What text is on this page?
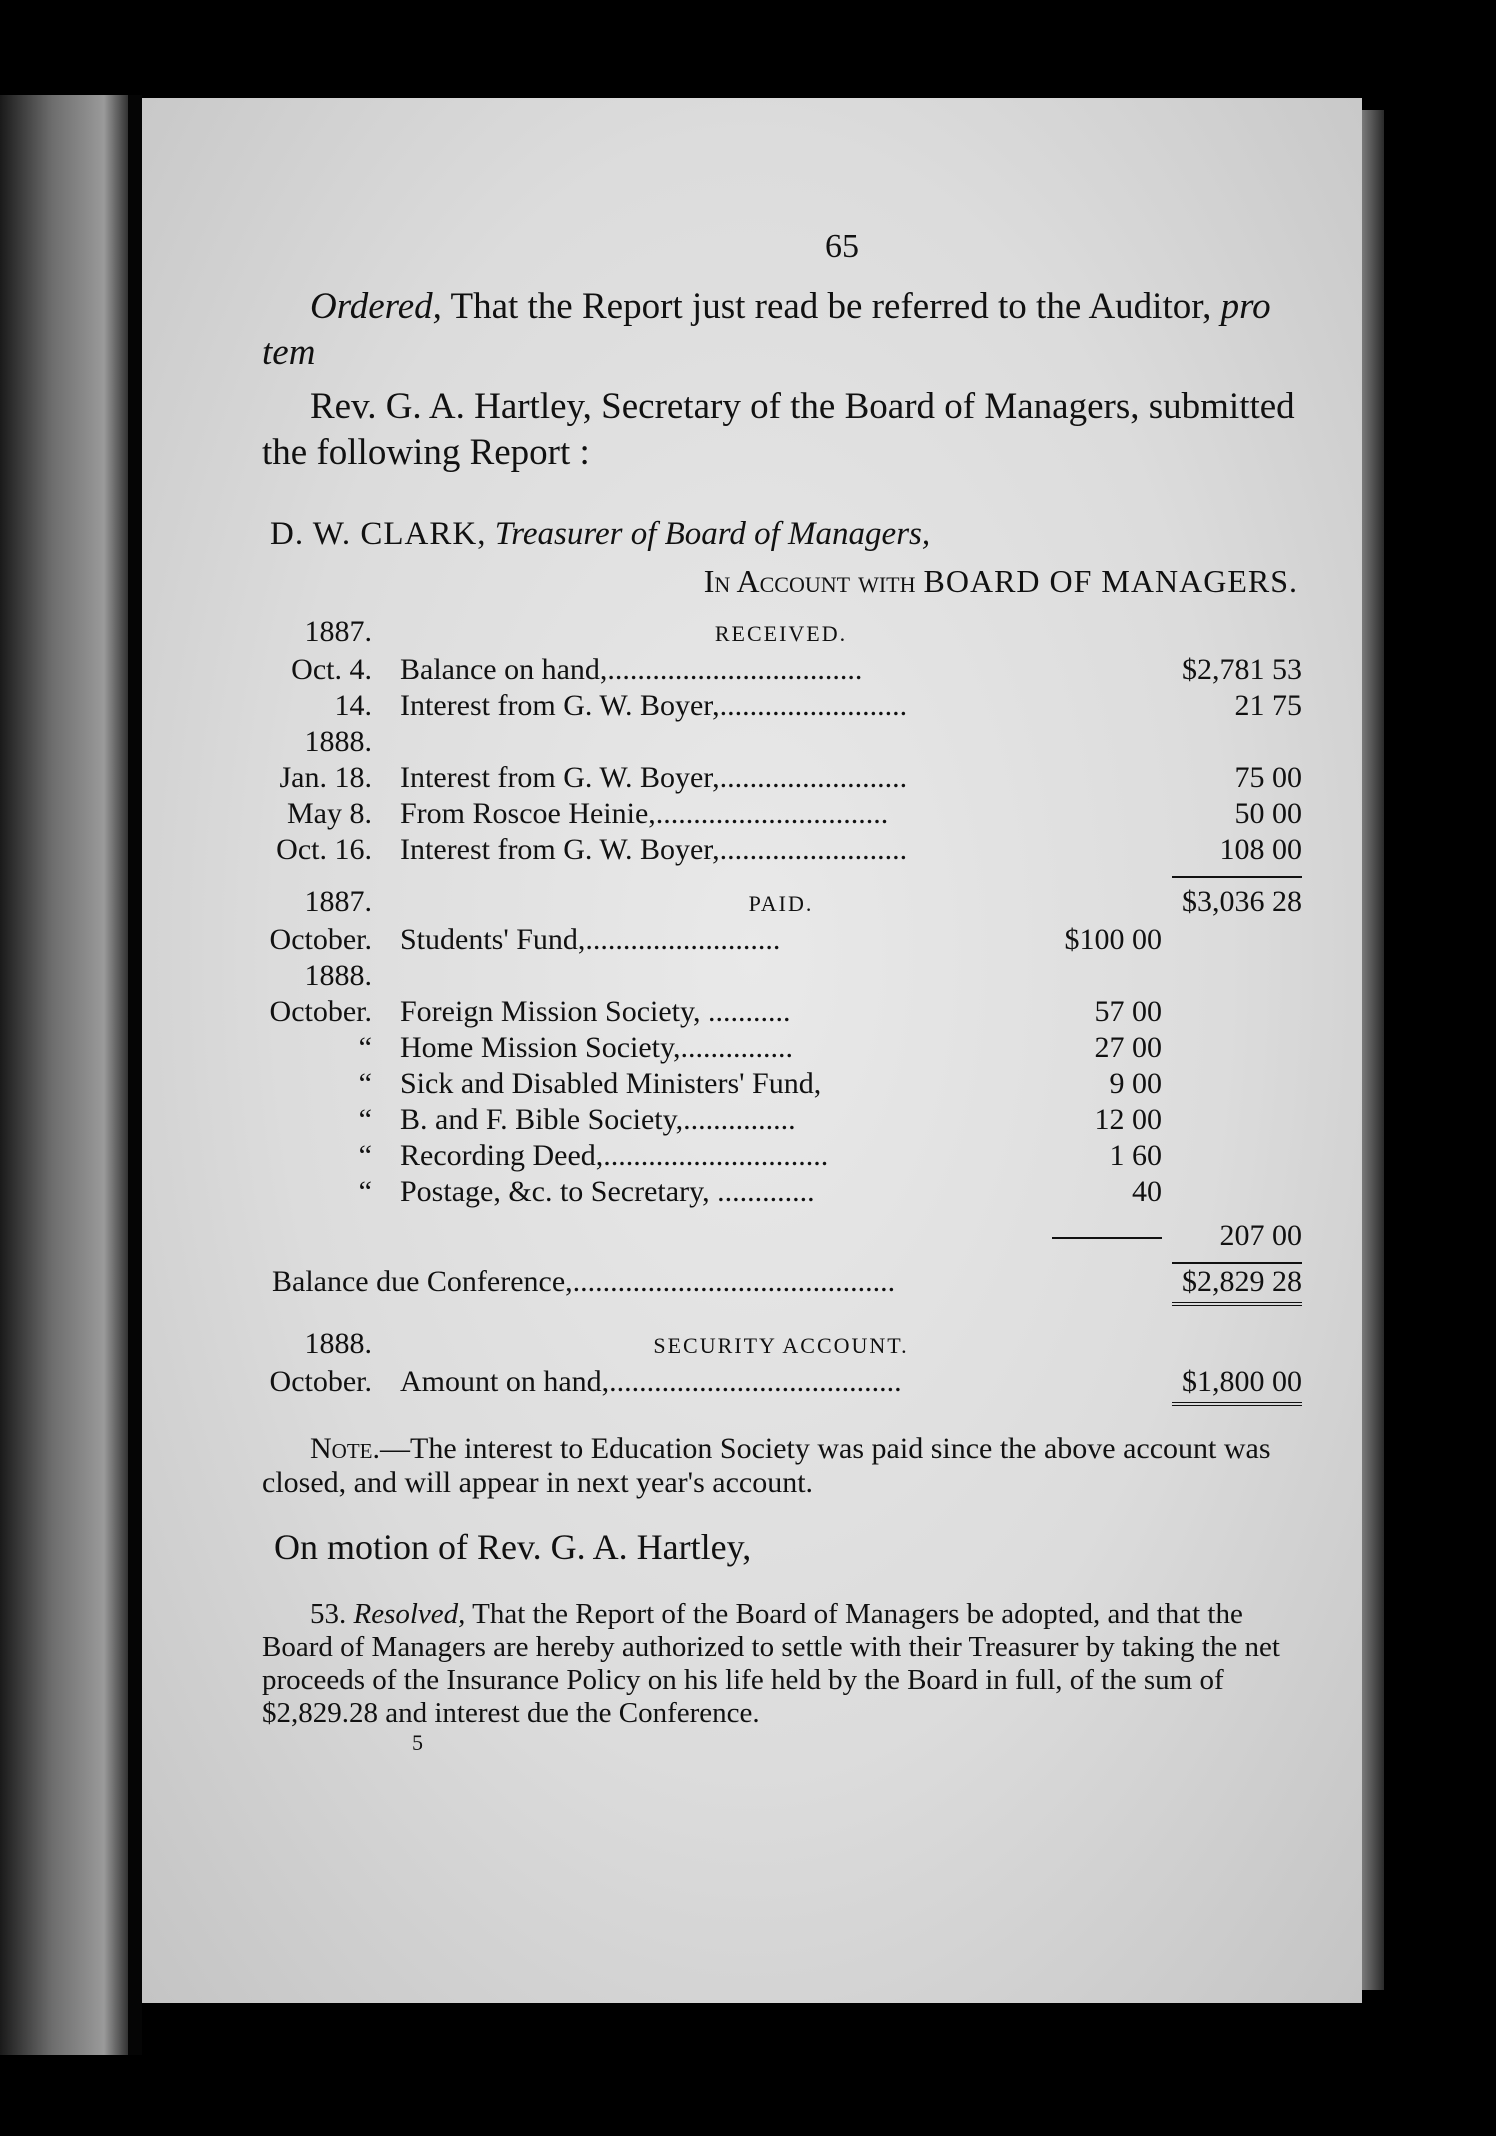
65

Ordered, That the Report just read be referred to the Auditor, pro tem

Rev. G. A. Hartley, Secretary of the Board of Managers, submitted the following Report :

D. W. CLARK, Treasurer of Board of Managers,
In Account with BOARD OF MANAGERS.
1887.	RECEIVED.
Oct. 4. Balance on hand,..................................	$2,781 53
14. Interest from G. W. Boyer,.........................	21 75
1888.
Jan. 18. Interest from G. W. Boyer,.........................	75 00
May 8. From Roscoe Heinie,...............................	50 00
Oct. 16. Interest from G. W. Boyer,.........................	108 00
1887.	PAID.	$3,036 28
October. Students' Fund,..........................	$100 00
1888.
October. Foreign Mission Society, ...........	57 00
“ Home Mission Society,...............	27 00
“ Sick and Disabled Ministers' Fund,	9 00
“ B. and F. Bible Society,...............	12 00
“ Recording Deed,..............................	1 60
“ Postage, &c. to Secretary, .............	40
207 00
Balance due Conference,...........................................	$2,829 28
1888.	SECURITY ACCOUNT.
October. Amount on hand,.......................................	$1,800 00

Note.—The interest to Education Society was paid since the above account was closed, and will appear in next year's account.

On motion of Rev. G. A. Hartley,

53. Resolved, That the Report of the Board of Managers be adopted, and that the Board of Managers are hereby authorized to settle with their Treasurer by taking the net proceeds of the Insurance Policy on his life held by the Board in full, of the sum of $2,829.28 and interest due the Conference.

5
